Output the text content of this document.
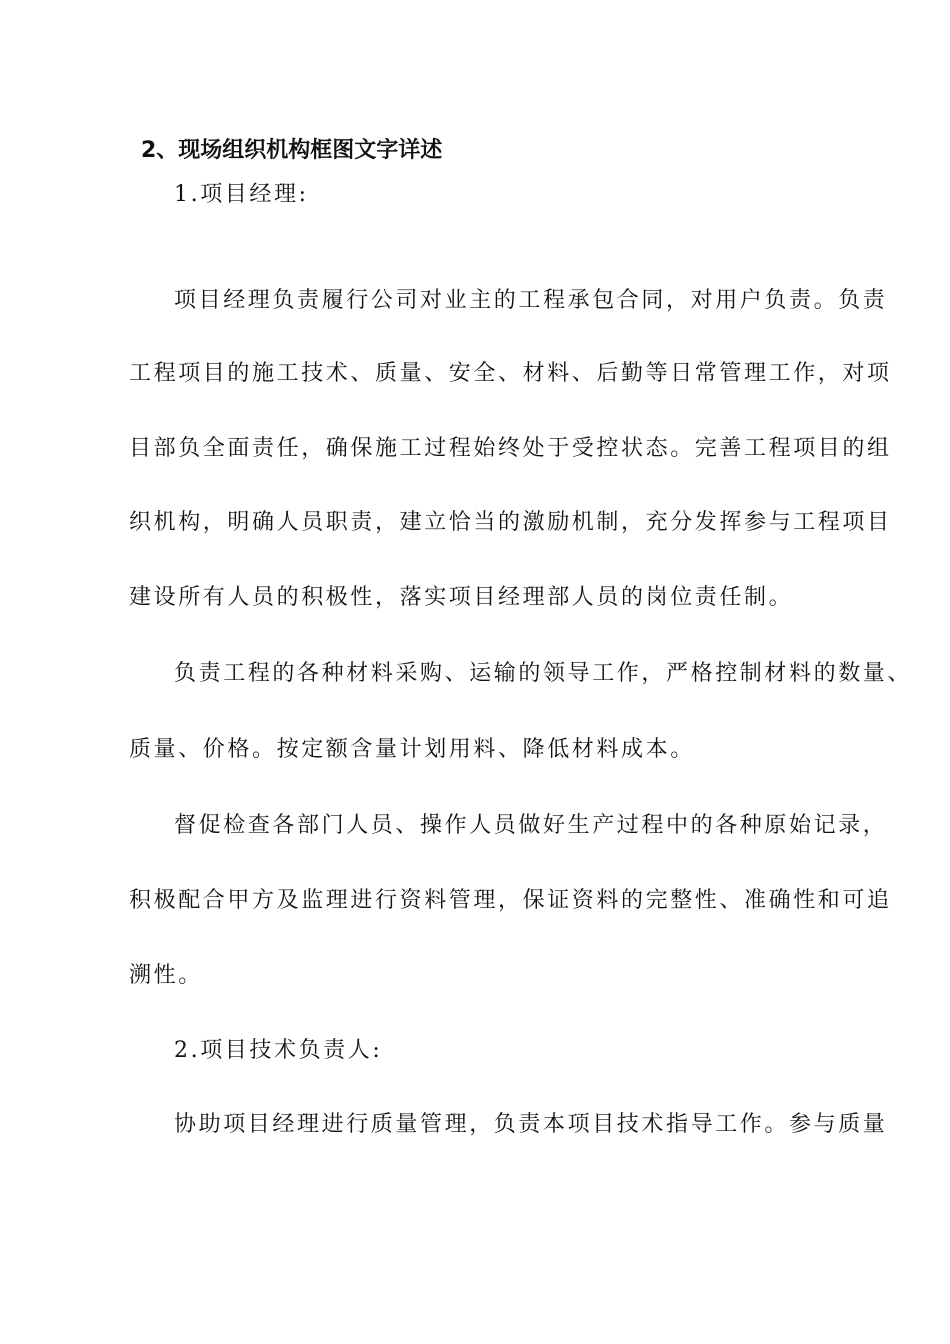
2、现场组织机构框图文字详述
1.项目经理:
项目经理负责履行公司对业主的工程承包合同，对用户负责。负责
工程项目的施工技术、质量、安全、材料、后勤等日常管理工作，对项
目部负全面责任，确保施工过程始终处于受控状态。完善工程项目的组
织机构，明确人员职责，建立恰当的激励机制，充分发挥参与工程项目
建设所有人员的积极性，落实项目经理部人员的岗位责任制。
负责工程的各种材料采购、运输的领导工作，严格控制材料的数量、
质量、价格。按定额含量计划用料、降低材料成本。
督促检查各部门人员、操作人员做好生产过程中的各种原始记录，
积极配合甲方及监理进行资料管理，保证资料的完整性、准确性和可追
溯性。
2.项目技术负责人:
协助项目经理进行质量管理，负责本项目技术指导工作。参与质量
